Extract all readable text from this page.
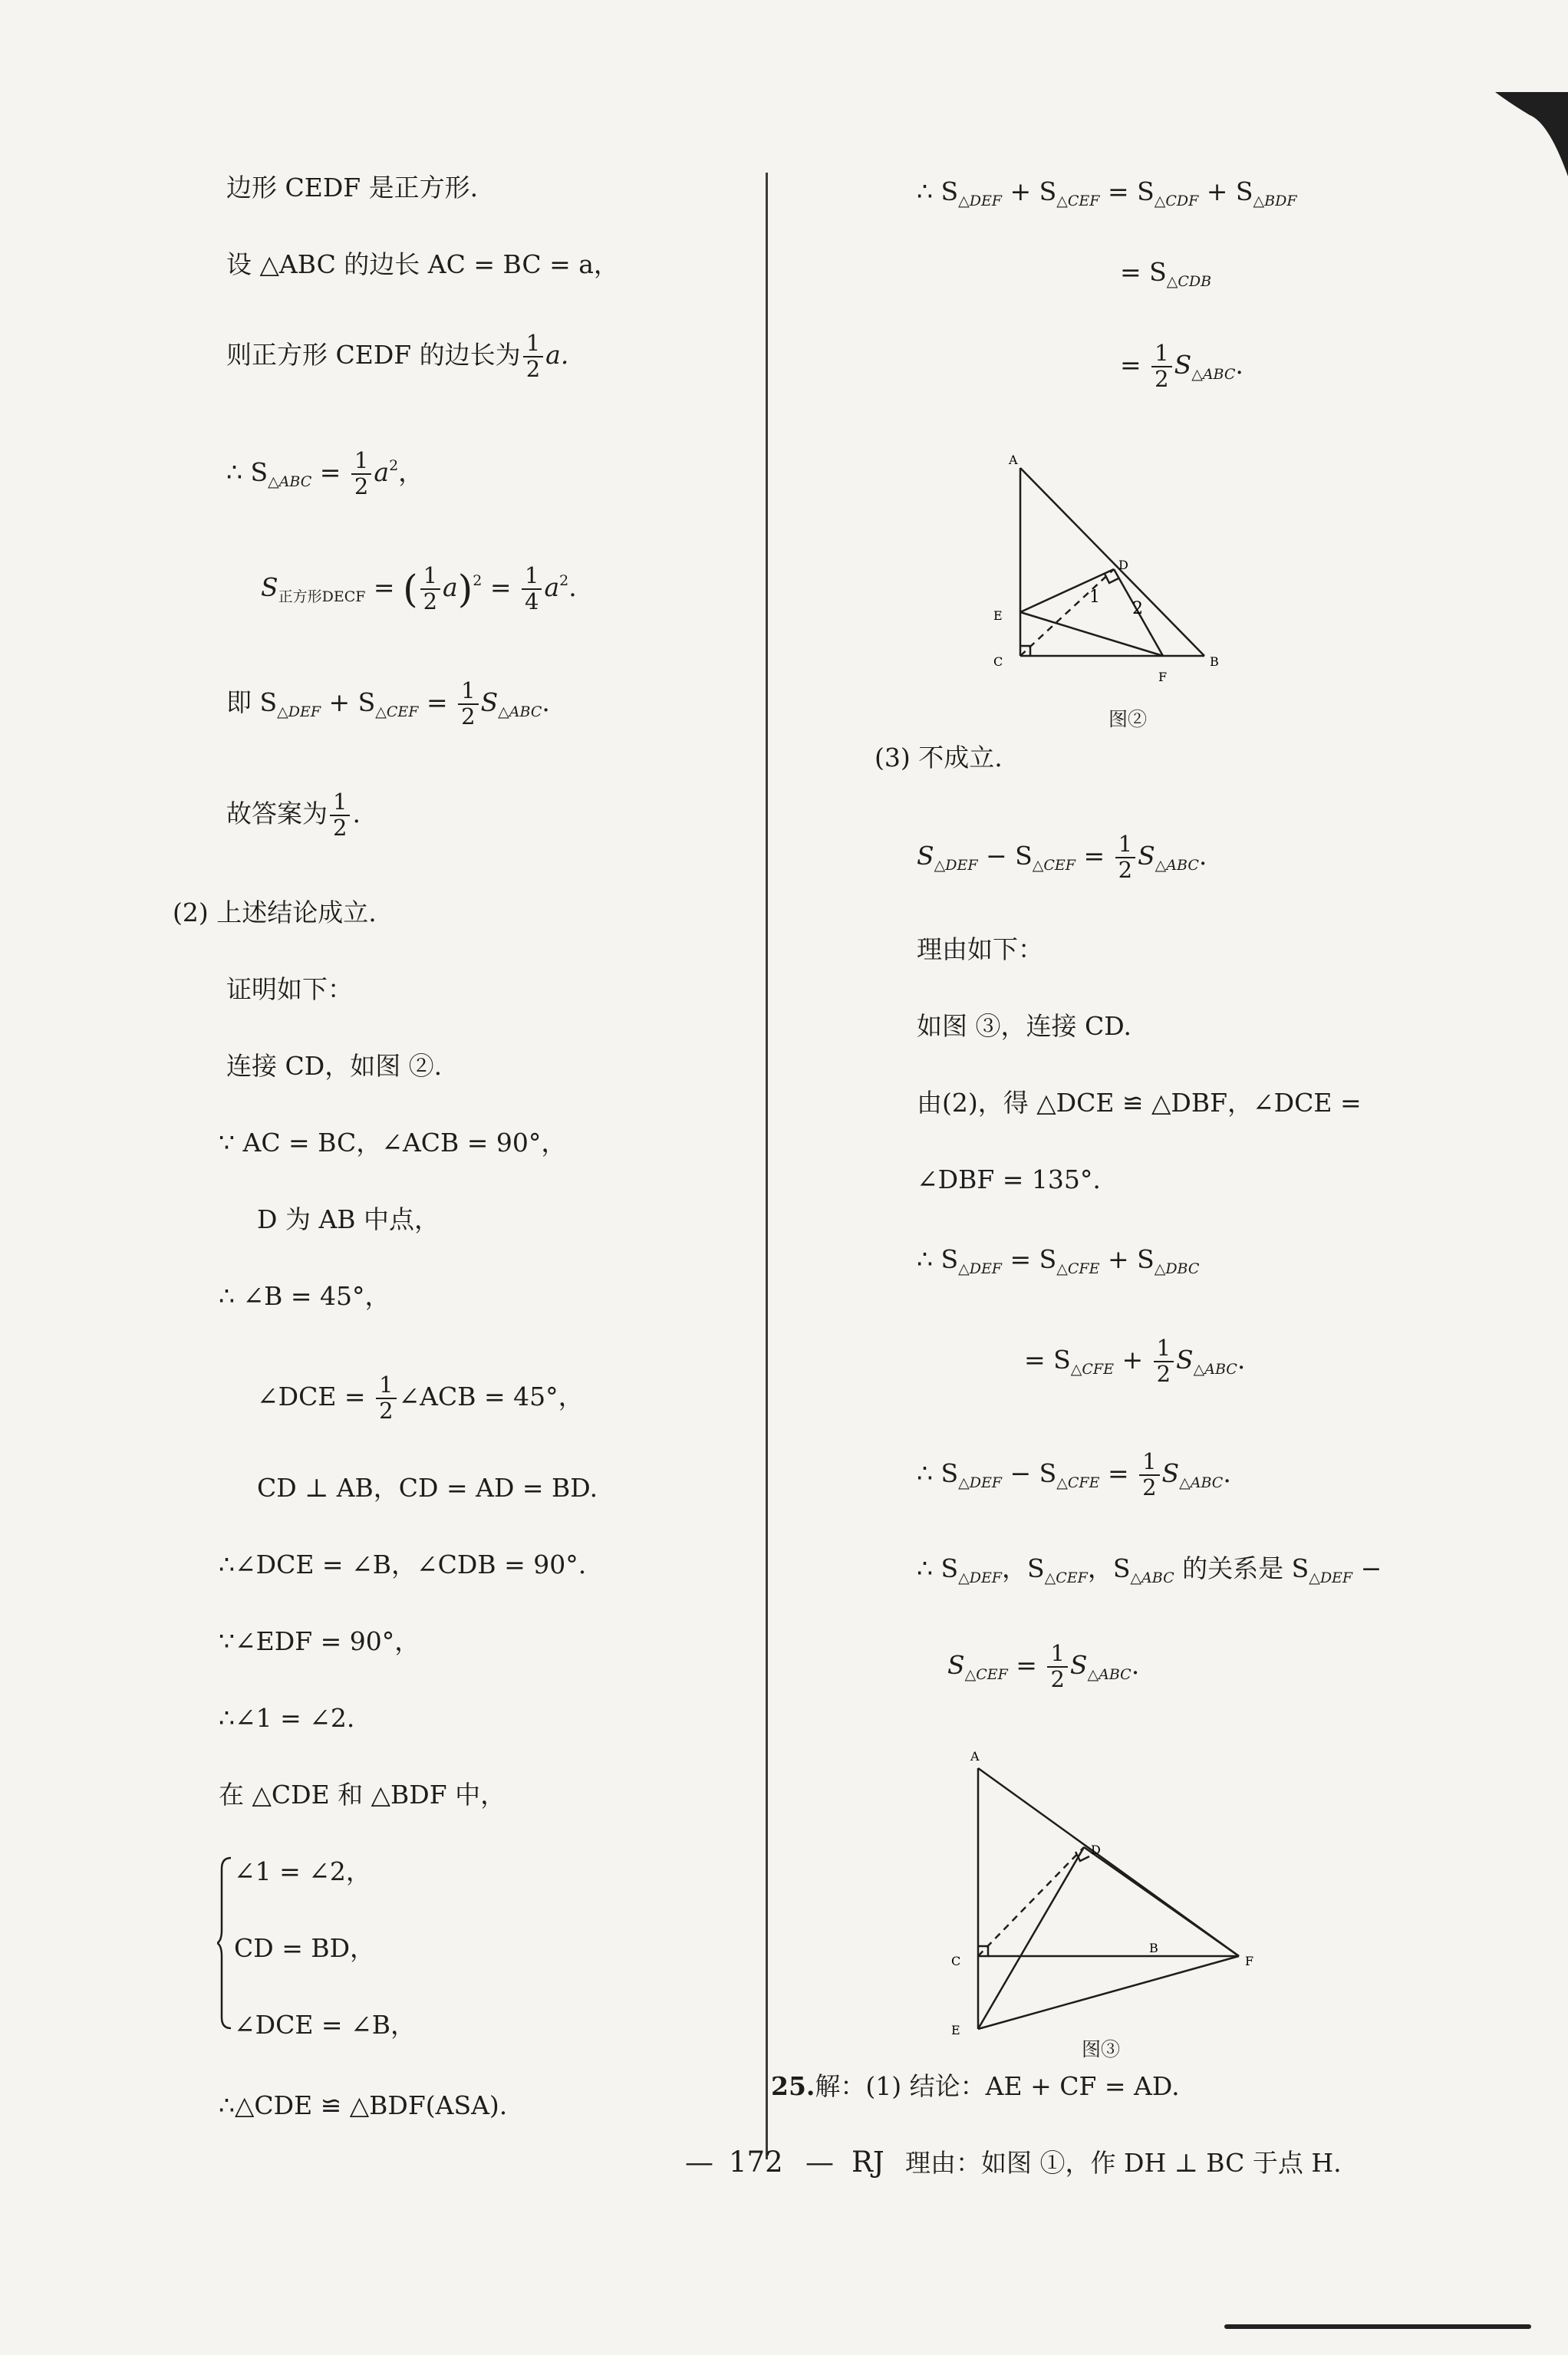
边形 CEDF 是正方形.
设 △ABC 的边长 AC = BC = a，
则正方形 CEDF 的边长为 $\frac{1}{2} a$.
∴ $S_{\triangle ABC} = \frac{1}{2} a^2$，
$S_{正方形DECF}$ = ( $\frac{1}{2} a)^2 = \frac{1}{4} a^2$.
即 $S_{\triangle DEF} + S_{\triangle CEF} = \frac{1}{2} S_{\triangle ABC}$.
故答案为 $\frac{1}{2}$ .
(2) 上述结论成立.
证明如下：
连接 CD，如图 ②.
∵ AC = BC，∠ACB = 90°，
D 为 AB 中点，
∴ ∠B = 45°，
∠DCE = $\frac{1}{2}$ ∠ACB = 45°，
CD ⊥ AB，CD = AD = BD.
∴∠DCE = ∠B，∠CDB = 90°.
∵∠EDF = 90°，
∴∠1 = ∠2.
在 △CDE 和 △BDF 中，
∠1 = ∠2，
CD = BD，
∠DCE = ∠B，
∴△CDE ≌ △BDF(ASA).
∴ $S_{\triangle DEF} + S_{\triangle CEF} = S_{\triangle CDF} + S_{\triangle BDF}$
= $S_{\triangle CDB}$
= $\frac{1}{2} S_{\triangle ABC}$.
A
D
E
C
F
B
1
2
图②
(3) 不成立.
$S_{\triangle DEF} - S_{\triangle CEF} = \frac{1}{2} S_{\triangle ABC}$.
理由如下：
如图 ③，连接 CD.
由(2)，得 △DCE ≌ △DBF，∠DCE =
∠DBF = 135°.
∴ $S_{\triangle DEF} = S_{\triangle CFE} + S_{\triangle DBC}$
= $S_{\triangle CFE} + \frac{1}{2} S_{\triangle ABC}$.
∴ $S_{\triangle DEF} - S_{\triangle CFE} = \frac{1}{2} S_{\triangle ABC}$.
∴ $S_{\triangle DEF}$，$S_{\triangle CEF}$，$S_{\triangle ABC}$ 的关系是 $S_{\triangle DEF}$ −
$S_{\triangle CEF} = \frac{1}{2} S_{\triangle ABC}$.
A
D
C
B
F
E
图③
25.解：(1) 结论：AE + CF = AD.
理由：如图 ①，作 DH ⊥ BC 于点 H.
— 172 — RJ
